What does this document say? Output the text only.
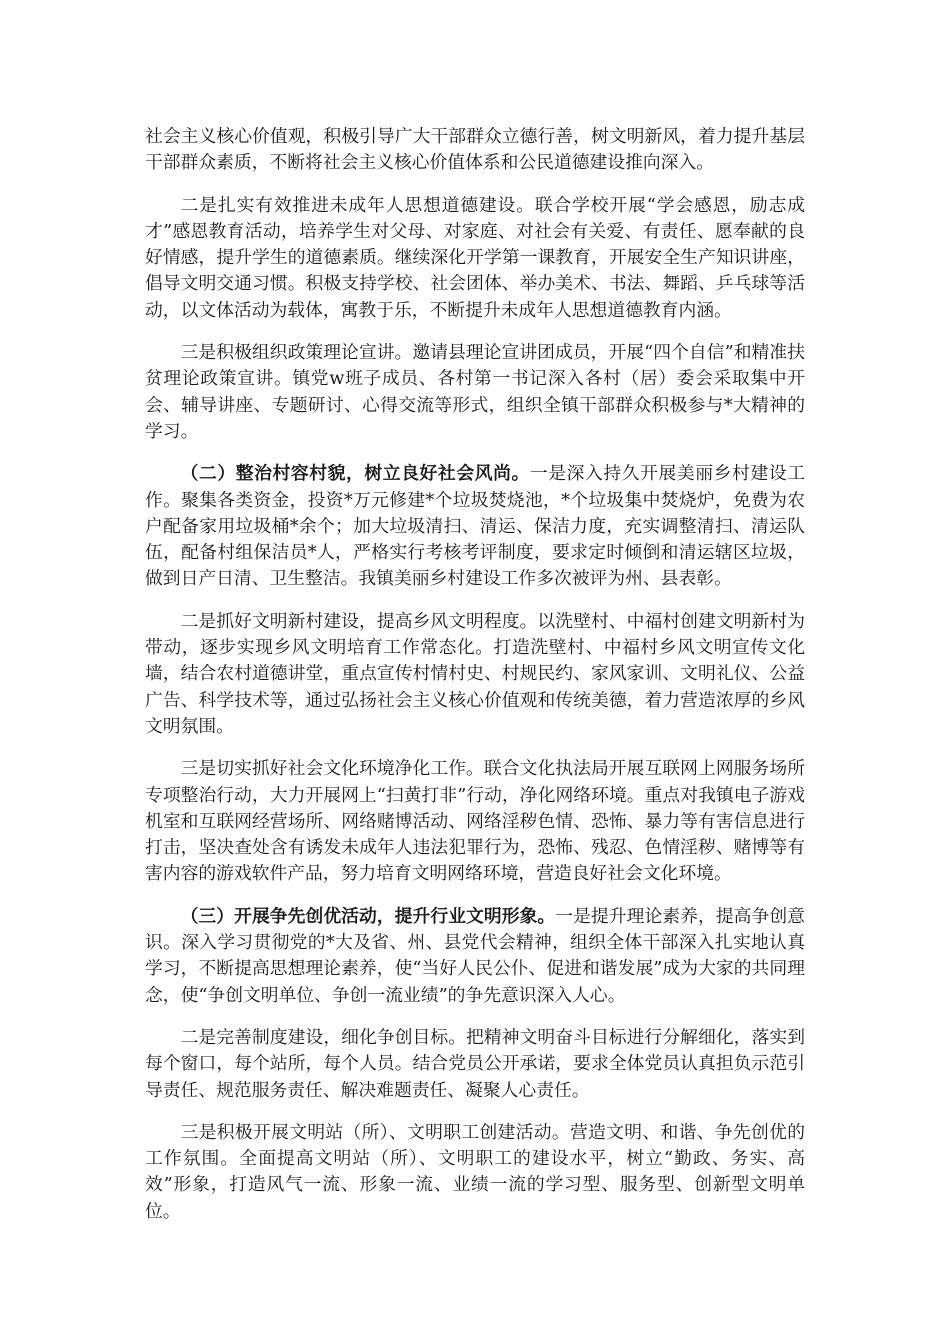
社会主义核心价值观，积极引导广大干部群众立德行善，树文明新风，着力提升基层干部群众素质，不断将社会主义核心价值体系和公民道德建设推向深入。

二是扎实有效推进未成年人思想道德建设。联合学校开展“学会感恩，励志成才”感恩教育活动，培养学生对父母、对家庭、对社会有关爱、有责任、愿奉献的良好情感，提升学生的道德素质。继续深化开学第一课教育，开展安全生产知识讲座，倡导文明交通习惯。积极支持学校、社会团体、举办美术、书法、舞蹈、乒乓球等活动，以文体活动为载体，寓教于乐，不断提升未成年人思想道德教育内涵。

三是积极组织政策理论宣讲。邀请县理论宣讲团成员，开展“四个自信”和精准扶贫理论政策宣讲。镇党w班子成员、各村第一书记深入各村（居）委会采取集中开会、辅导讲座、专题研讨、心得交流等形式，组织全镇干部群众积极参与*大精神的学习。

（二）整治村容村貌，树立良好社会风尚。一是深入持久开展美丽乡村建设工作。聚集各类资金，投资*万元修建*个垃圾焚烧池，*个垃圾集中焚烧炉，免费为农户配备家用垃圾桶*余个；加大垃圾清扫、清运、保洁力度，充实调整清扫、清运队伍，配备村组保洁员*人，严格实行考核考评制度，要求定时倾倒和清运辖区垃圾，做到日产日清、卫生整洁。我镇美丽乡村建设工作多次被评为州、县表彰。

二是抓好文明新村建设，提高乡风文明程度。以洗壁村、中福村创建文明新村为带动，逐步实现乡风文明培育工作常态化。打造洗壁村、中福村乡风文明宣传文化墙，结合农村道德讲堂，重点宣传村情村史、村规民约、家风家训、文明礼仪、公益广告、科学技术等，通过弘扬社会主义核心价值观和传统美德，着力营造浓厚的乡风文明氛围。

三是切实抓好社会文化环境净化工作。联合文化执法局开展互联网上网服务场所专项整治行动，大力开展网上“扫黄打非”行动，净化网络环境。重点对我镇电子游戏机室和互联网经营场所、网络赌博活动、网络淫秽色情、恐怖、暴力等有害信息进行打击，坚决查处含有诱发未成年人违法犯罪行为，恐怖、残忍、色情淫秽、赌博等有害内容的游戏软件产品，努力培育文明网络环境，营造良好社会文化环境。

（三）开展争先创优活动，提升行业文明形象。一是提升理论素养，提高争创意识。深入学习贯彻党的*大及省、州、县党代会精神，组织全体干部深入扎实地认真学习，不断提高思想理论素养，使“当好人民公仆、促进和谐发展”成为大家的共同理念，使“争创文明单位、争创一流业绩”的争先意识深入人心。

二是完善制度建设，细化争创目标。把精神文明奋斗目标进行分解细化，落实到每个窗口，每个站所，每个人员。结合党员公开承诺，要求全体党员认真担负示范引导责任、规范服务责任、解决难题责任、凝聚人心责任。

三是积极开展文明站（所）、文明职工创建活动。营造文明、和谐、争先创优的工作氛围。全面提高文明站（所）、文明职工的建设水平，树立“勤政、务实、高效”形象，打造风气一流、形象一流、业绩一流的学习型、服务型、创新型文明单位。
